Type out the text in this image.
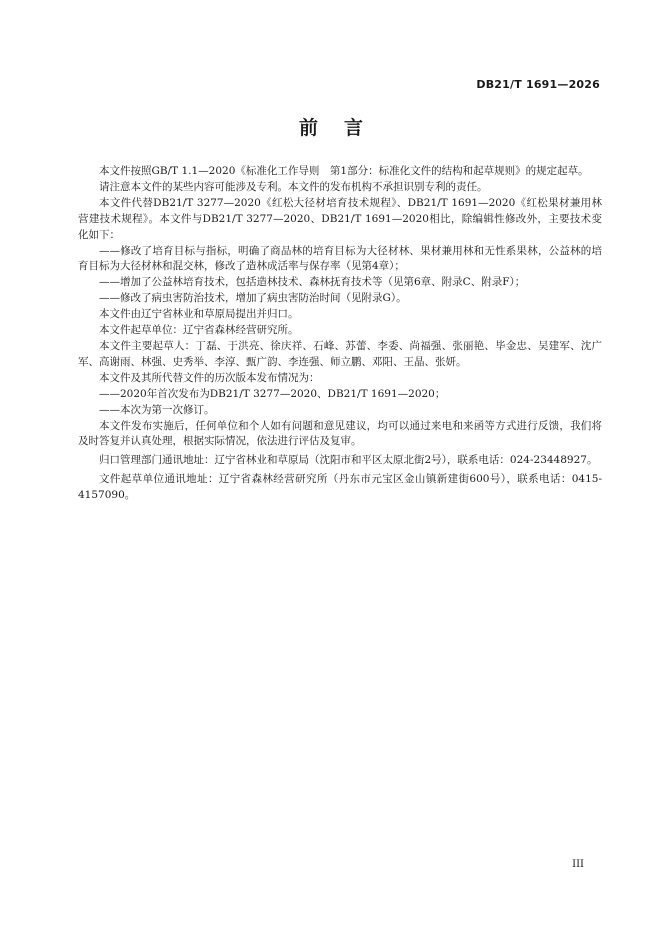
DB21/T 1691—2026
前言

本文件按照GB/T 1.1—2020《标准化工作导则　第1部分：标准化文件的结构和起草规则》的规定起草。

请注意本文件的某些内容可能涉及专利。本文件的发布机构不承担识别专利的责任。

本文件代替DB21/T 3277—2020《红松大径材培育技术规程》、DB21/T 1691—2020《红松果材兼用林营建技术规程》。本文件与DB21/T 3277—2020、DB21/T 1691—2020相比，除编辑性修改外，主要技术变化如下：

——修改了培育目标与指标，明确了商品林的培育目标为大径材林、果材兼用林和无性系果林，公益林的培育目标为大径材林和混交林，修改了造林成活率与保存率（见第4章）；

——增加了公益林培育技术，包括造林技术、森林抚育技术等（见第6章、附录C、附录F）；

——修改了病虫害防治技术，增加了病虫害防治时间（见附录G）。

本文件由辽宁省林业和草原局提出并归口。

本文件起草单位：辽宁省森林经营研究所。

本文件主要起草人：丁磊、于洪亮、徐庆祥、石峰、苏蕾、李委、尚福强、张丽艳、毕金忠、吴建军、沈广军、高谢雨、林强、史秀举、李淳、甄广韵、李连强、师立鹏、邓阳、王晶、张妍。

本文件及其所代替文件的历次版本发布情况为：

——2020年首次发布为DB21/T 3277—2020、DB21/T 1691—2020；

——本次为第一次修订。

本文件发布实施后，任何单位和个人如有问题和意见建议，均可以通过来电和来函等方式进行反馈，我们将及时答复并认真处理，根据实际情况，依法进行评估及复审。

归口管理部门通讯地址：辽宁省林业和草原局（沈阳市和平区太原北街2号），联系电话：024-23448927。

文件起草单位通讯地址：辽宁省森林经营研究所（丹东市元宝区金山镇新建街600号），联系电话：0415-4157090。

III
